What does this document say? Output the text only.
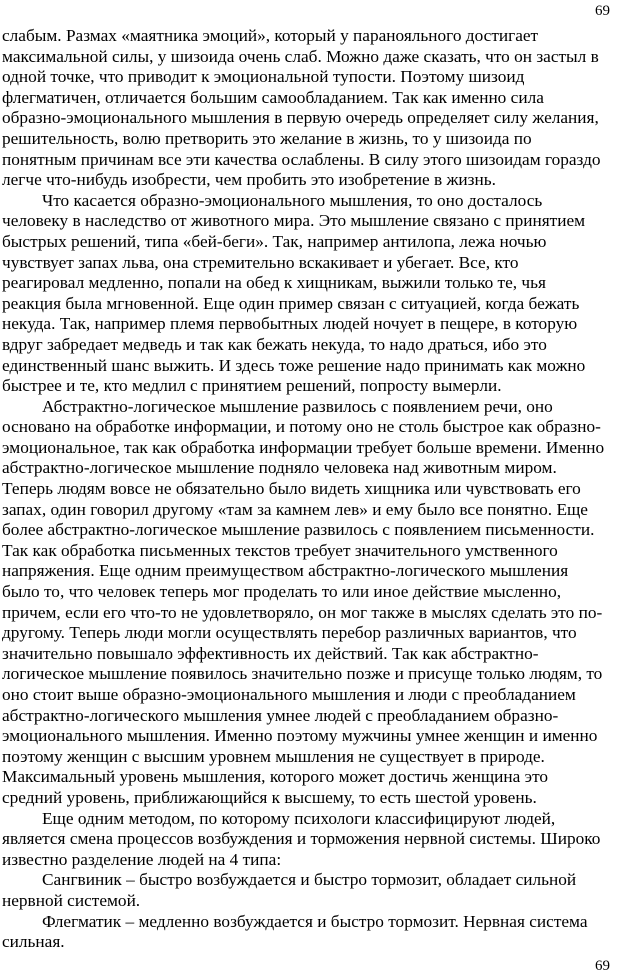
69
слабым. Размах «маятника эмоций», который у паранояльного достигает
максимальной силы, у шизоида очень слаб. Можно даже сказать, что он застыл в
одной точке, что приводит к эмоциональной тупости. Поэтому шизоид
флегматичен, отличается большим самообладанием. Так как именно сила
образно-эмоционального мышления в первую очередь определяет силу желания,
решительность, волю претворить это желание в жизнь, то у шизоида по
понятным причинам все эти качества ослаблены. В силу этого шизоидам гораздо
легче что-нибудь изобрести, чем пробить это изобретение в жизнь.
Что касается образно-эмоционального мышления, то оно досталось
человеку в наследство от животного мира. Это мышление связано с принятием
быстрых решений, типа «бей-беги». Так, например антилопа, лежа ночью
чувствует запах льва, она стремительно вскакивает и убегает. Все, кто
реагировал медленно, попали на обед к хищникам, выжили только те, чья
реакция была мгновенной. Еще один пример связан с ситуацией, когда бежать
некуда. Так, например племя первобытных людей ночует в пещере, в которую
вдруг забредает медведь и так как бежать некуда, то надо драться, ибо это
единственный шанс выжить. И здесь тоже решение надо принимать как можно
быстрее и те, кто медлил с принятием решений, попросту вымерли.
Абстрактно-логическое мышление развилось с появлением речи, оно
основано на обработке информации, и потому оно не столь быстрое как образно-
эмоциональное, так как обработка информации требует больше времени. Именно
абстрактно-логическое мышление подняло человека над животным миром.
Теперь людям вовсе не обязательно было видеть хищника или чувствовать его
запах, один говорил другому «там за камнем лев» и ему было все понятно. Еще
более абстрактно-логическое мышление развилось с появлением письменности.
Так как обработка письменных текстов требует значительного умственного
напряжения. Еще одним преимуществом абстрактно-логического мышления
было то, что человек теперь мог проделать то или иное действие мысленно,
причем, если его что-то не удовлетворяло, он мог также в мыслях сделать это по-
другому. Теперь люди могли осуществлять перебор различных вариантов, что
значительно повышало эффективность их действий. Так как абстрактно-
логическое мышление появилось значительно позже и присуще только людям, то
оно стоит выше образно-эмоционального мышления и люди с преобладанием
абстрактно-логического мышления умнее людей с преобладанием образно-
эмоционального мышления. Именно поэтому мужчины умнее женщин и именно
поэтому женщин с высшим уровнем мышления не существует в природе.
Максимальный уровень мышления, которого может достичь женщина это
средний уровень, приближающийся к высшему, то есть шестой уровень.
Еще одним методом, по которому психологи классифицируют людей,
является смена процессов возбуждения и торможения нервной системы. Широко
известно разделение людей на 4 типа:
Сангвиник – быстро возбуждается и быстро тормозит, обладает сильной
нервной системой.
Флегматик – медленно возбуждается и быстро тормозит. Нервная система
сильная.
69
